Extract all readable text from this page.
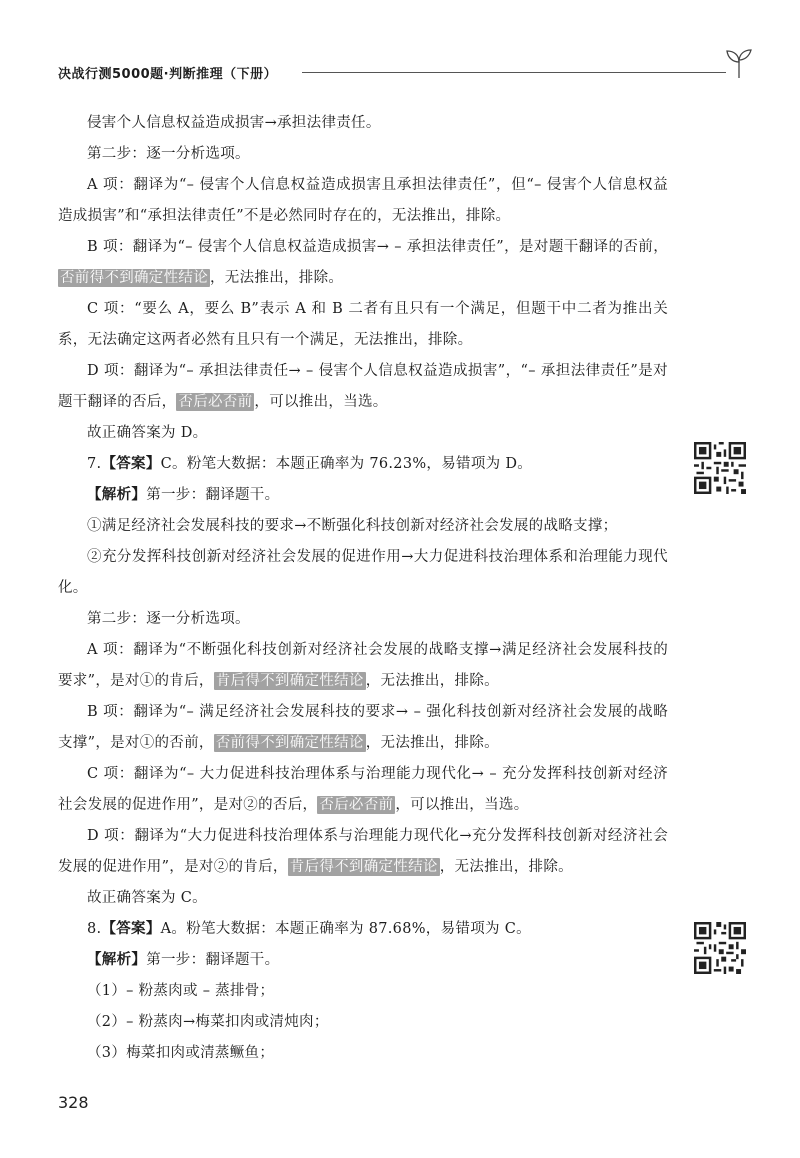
决战行测5000题·判断推理（下册）

侵害个人信息权益造成损害→承担法律责任。

第二步：逐一分析选项。

A 项：翻译为“– 侵害个人信息权益造成损害且承担法律责任”，但“– 侵害个人信息权益造成损害”和“承担法律责任”不是必然同时存在的，无法推出，排除。

B 项：翻译为“– 侵害个人信息权益造成损害→ – 承担法律责任”，是对题干翻译的否前，否前得不到确定性结论 ，无法推出，排除。

C 项：“要么 A，要么 B”表示 A 和 B 二者有且只有一个满足，但题干中二者为推出关系，无法确定这两者必然有且只有一个满足，无法推出，排除。

D 项：翻译为“– 承担法律责任→ – 侵害个人信息权益造成损害”，“– 承担法律责任”是对题干翻译的否后， 否后必否前 ，可以推出，当选。

故正确答案为 D。

7.【答案】C。粉笔大数据：本题正确率为 76.23%，易错项为 D。

【解析】第一步：翻译题干。

①满足经济社会发展科技的要求→不断强化科技创新对经济社会发展的战略支撑；

②充分发挥科技创新对经济社会发展的促进作用→大力促进科技治理体系和治理能力现代化。

第二步：逐一分析选项。

A 项：翻译为“不断强化科技创新对经济社会发展的战略支撑→满足经济社会发展科技的要求”，是对①的肯后， 肯后得不到确定性结论 ，无法推出，排除。

B 项：翻译为“– 满足经济社会发展科技的要求→ – 强化科技创新对经济社会发展的战略支撑”，是对①的否前， 否前得不到确定性结论 ，无法推出，排除。

C 项：翻译为“– 大力促进科技治理体系与治理能力现代化→ – 充分发挥科技创新对经济社会发展的促进作用”，是对②的否后， 否后必否前 ，可以推出，当选。

D 项：翻译为“大力促进科技治理体系与治理能力现代化→充分发挥科技创新对经济社会发展的促进作用”，是对②的肯后， 肯后得不到确定性结论 ，无法推出，排除。

故正确答案为 C。

8.【答案】A。粉笔大数据：本题正确率为 87.68%，易错项为 C。

【解析】第一步：翻译题干。

（1）– 粉蒸肉或 – 蒸排骨；

（2）– 粉蒸肉→梅菜扣肉或清炖肉；

（3）梅菜扣肉或清蒸鳜鱼；

328
